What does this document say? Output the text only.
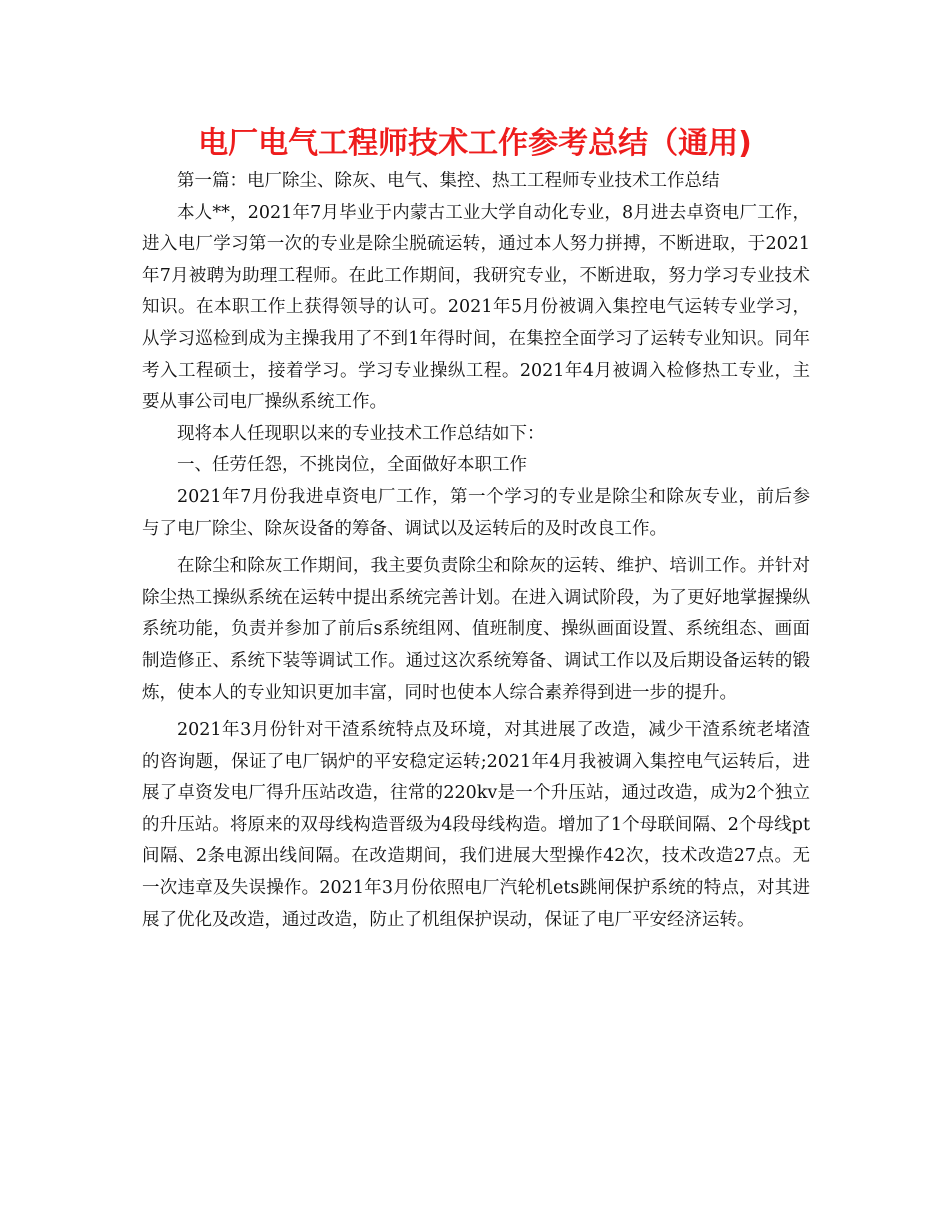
电厂电气工程师技术工作参考总结（通用)

第一篇：电厂除尘、除灰、电气、集控、热工工程师专业技术工作总结

本人**，2021年7月毕业于内蒙古工业大学自动化专业，8月进去卓资电厂工作，进入电厂学习第一次的专业是除尘脱硫运转，通过本人努力拼搏，不断进取，于2021年7月被聘为助理工程师。在此工作期间，我研究专业，不断进取，努力学习专业技术知识。在本职工作上获得领导的认可。2021年5月份被调入集控电气运转专业学习，从学习巡检到成为主操我用了不到1年得时间，在集控全面学习了运转专业知识。同年考入工程硕士，接着学习。学习专业操纵工程。2021年4月被调入检修热工专业，主要从事公司电厂操纵系统工作。

现将本人任现职以来的专业技术工作总结如下：

一、任劳任怨，不挑岗位，全面做好本职工作

2021年7月份我进卓资电厂工作，第一个学习的专业是除尘和除灰专业，前后参与了电厂除尘、除灰设备的筹备、调试以及运转后的及时改良工作。

在除尘和除灰工作期间，我主要负责除尘和除灰的运转、维护、培训工作。并针对除尘热工操纵系统在运转中提出系统完善计划。在进入调试阶段，为了更好地掌握操纵系统功能，负责并参加了前后s系统组网、值班制度、操纵画面设置、系统组态、画面制造修正、系统下装等调试工作。通过这次系统筹备、调试工作以及后期设备运转的锻炼，使本人的专业知识更加丰富，同时也使本人综合素养得到进一步的提升。

2021年3月份针对干渣系统特点及环境，对其进展了改造，减少干渣系统老堵渣的咨询题，保证了电厂锅炉的平安稳定运转;2021年4月我被调入集控电气运转后，进展了卓资发电厂得升压站改造，往常的220kv是一个升压站，通过改造，成为2个独立的升压站。将原来的双母线构造晋级为4段母线构造。增加了1个母联间隔、2个母线pt间隔、2条电源出线间隔。在改造期间，我们进展大型操作42次，技术改造27点。无一次违章及失误操作。2021年3月份依照电厂汽轮机ets跳闸保护系统的特点，对其进展了优化及改造，通过改造，防止了机组保护误动，保证了电厂平安经济运转。
